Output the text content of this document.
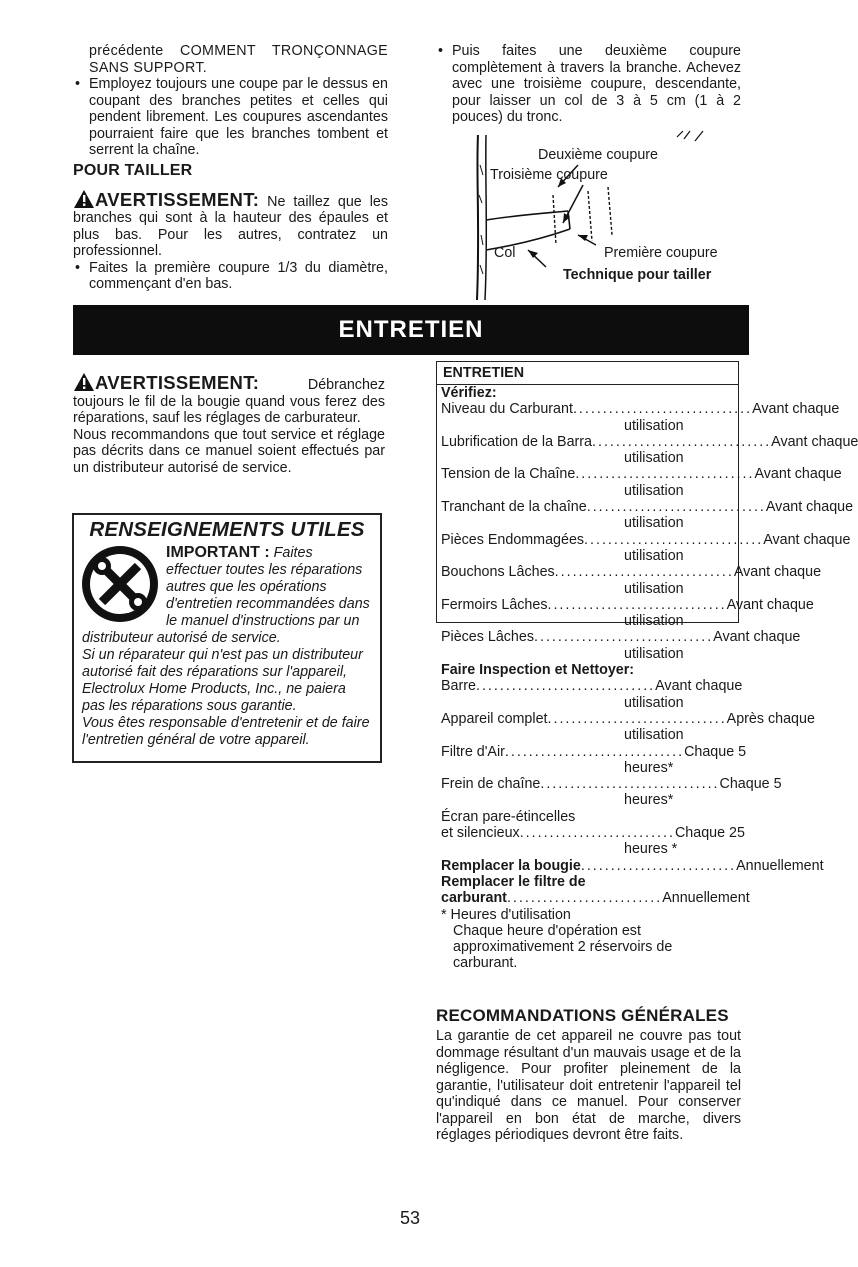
précédente COMMENT TRONÇONNAGE SANS SUPPORT.

• Employez toujours une coupe par le dessus en coupant des branches petites et celles qui pendent librement. Les coupures ascendantes pourraient faire que les branches tombent et serrent la chaîne.

POUR TAILLER

AVERTISSEMENT: Ne taillez que les branches qui sont à la hauteur des épaules et plus bas. Pour les autres, contratez un professionnel.

• Faites la première coupure 1/3 du diamètre, commençant d'en bas.

• Puis faites une deuxième coupure complètement à travers la branche. Achevez avec une troisième coupure, descendante, pour laisser un col de 3 à 5 cm (1 à 2 pouces) du tronc.

Deuxième coupure
Troisième coupure
Col	Première coupure
Technique pour tailler
ENTRETIEN

AVERTISSEMENT:	Débranchez toujours le fil de la bougie quand vous ferez des réparations, sauf les réglages de carburateur.

Nous recommandons que tout service et réglage pas décrits dans ce manuel soient effectués par un distributeur autorisé de service.

RENSEIGNEMENTS UTILES

IMPORTANT : Faites effectuer toutes les réparations autres que les opérations d'entretien recommandées dans le manuel d'instructions par un distributeur autorisé de service.

Si un réparateur qui n'est pas un distributeur autorisé fait des réparations sur l'appareil, Electrolux Home Products, Inc., ne paiera pas les réparations sous garantie.

Vous êtes responsable d'entretenir et de faire l'entretien général de votre appareil.

ENTRETIEN
Vérifiez:
Niveau du Carburant .............................. Avant chaque
utilisation
Lubrification de la Barra .............................. Avant chaque
utilisation
Tension de la Chaîne .............................. Avant chaque
utilisation
Tranchant de la chaîne .............................. Avant chaque
utilisation
Pièces Endommagées .............................. Avant chaque
utilisation
Bouchons Lâches .............................. Avant chaque
utilisation
Fermoirs Lâches .............................. Avant chaque
utilisation
Pièces Lâches .............................. Avant chaque
utilisation
Faire Inspection et Nettoyer:
Barre .............................. Avant chaque
utilisation
Appareil complet .............................. Après chaque
utilisation
Filtre d'Air .............................. Chaque 5
heures*
Frein de chaîne .............................. Chaque 5
heures*
Écran pare-étincelles
et silencieux .......................... Chaque 25
heures *
Remplacer la bougie .......................... Annuellement
Remplacer le filtre de
carburant .......................... Annuellement
* Heures d'utilisation
Chaque heure d'opération est approximativement 2 réservoirs de carburant.
RECOMMANDATIONS GÉNÉRALES

La garantie de cet appareil ne couvre pas tout dommage résultant d'un mauvais usage et de la négligence. Pour profiter pleinement de la garantie, l'utilisateur doit entretenir l'appareil tel qu'indiqué dans ce manuel. Pour conserver l'appareil en bon état de marche, divers réglages périodiques devront être faits.

53
